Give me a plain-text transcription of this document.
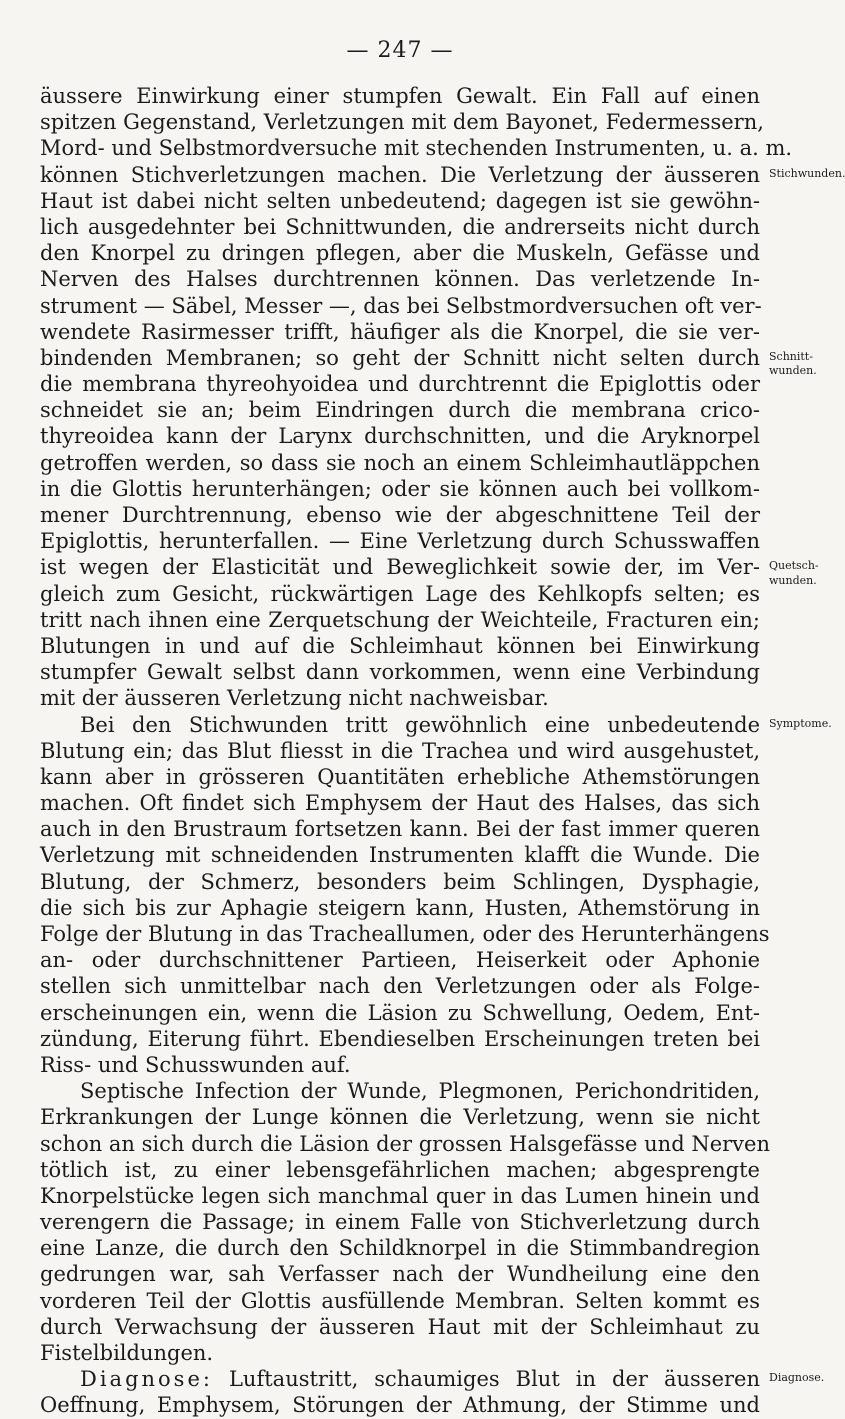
— 247 —
äussere Einwirkung einer stumpfen Gewalt. Ein Fall auf einen
spitzen Gegenstand, Verletzungen mit dem Bayonet, Federmessern,
Mord- und Selbstmordversuche mit stechenden Instrumenten, u. a. m.
können Stichverletzungen machen. Die Verletzung der äusseren Stichwunden.
Haut ist dabei nicht selten unbedeutend; dagegen ist sie gewöhn-
lich ausgedehnter bei Schnittwunden, die andrerseits nicht durch
den Knorpel zu dringen pflegen, aber die Muskeln, Gefässe und
Nerven des Halses durchtrennen können. Das verletzende In-
strument — Säbel, Messer —, das bei Selbstmordversuchen oft ver-
wendete Rasirmesser trifft, häufiger als die Knorpel, die sie ver-
bindenden Membranen; so geht der Schnitt nicht selten durch Schnitt-
die membrana thyreohyoidea und durchtrennt die Epiglottis oder
wunden.
schneidet sie an; beim Eindringen durch die membrana crico-
thyreoidea kann der Larynx durchschnitten, und die Aryknorpel
getroffen werden, so dass sie noch an einem Schleimhautläppchen
in die Glottis herunterhängen; oder sie können auch bei vollkom-
mener Durchtrennung, ebenso wie der abgeschnittene Teil der
Epiglottis, herunterfallen. — Eine Verletzung durch Schusswaffen
ist wegen der Elasticität und Beweglichkeit sowie der, im Ver- Quetsch-
gleich zum Gesicht, rückwärtigen Lage des Kehlkopfs selten; es
wunden.
tritt nach ihnen eine Zerquetschung der Weichteile, Fracturen ein;
Blutungen in und auf die Schleimhaut können bei Einwirkung
stumpfer Gewalt selbst dann vorkommen, wenn eine Verbindung
mit der äusseren Verletzung nicht nachweisbar.
Bei den Stichwunden tritt gewöhnlich eine unbedeutende Symptome.
Blutung ein; das Blut fliesst in die Trachea und wird ausgehustet,
kann aber in grösseren Quantitäten erhebliche Athemstörungen
machen. Oft findet sich Emphysem der Haut des Halses, das sich
auch in den Brustraum fortsetzen kann. Bei der fast immer queren
Verletzung mit schneidenden Instrumenten klafft die Wunde. Die
Blutung, der Schmerz, besonders beim Schlingen, Dysphagie,
die sich bis zur Aphagie steigern kann, Husten, Athemstörung in
Folge der Blutung in das Tracheallumen, oder des Herunterhängens
an- oder durchschnittener Partieen, Heiserkeit oder Aphonie
stellen sich unmittelbar nach den Verletzungen oder als Folge-
erscheinungen ein, wenn die Läsion zu Schwellung, Oedem, Ent-
zündung, Eiterung führt. Ebendieselben Erscheinungen treten bei
Riss- und Schusswunden auf.
Septische Infection der Wunde, Plegmonen, Perichondritiden,
Erkrankungen der Lunge können die Verletzung, wenn sie nicht
schon an sich durch die Läsion der grossen Halsgefässe und Nerven
tötlich ist, zu einer lebensgefährlichen machen; abgesprengte
Knorpelstücke legen sich manchmal quer in das Lumen hinein und
verengern die Passage; in einem Falle von Stichverletzung durch
eine Lanze, die durch den Schildknorpel in die Stimmbandregion
gedrungen war, sah Verfasser nach der Wundheilung eine den
vorderen Teil der Glottis ausfüllende Membran. Selten kommt es
durch Verwachsung der äusseren Haut mit der Schleimhaut zu
Fistelbildungen.
Diagnose: Luftaustritt, schaumiges Blut in der äusseren Diagnose.
Oeffnung, Emphysem, Störungen der Athmung, der Stimme und
